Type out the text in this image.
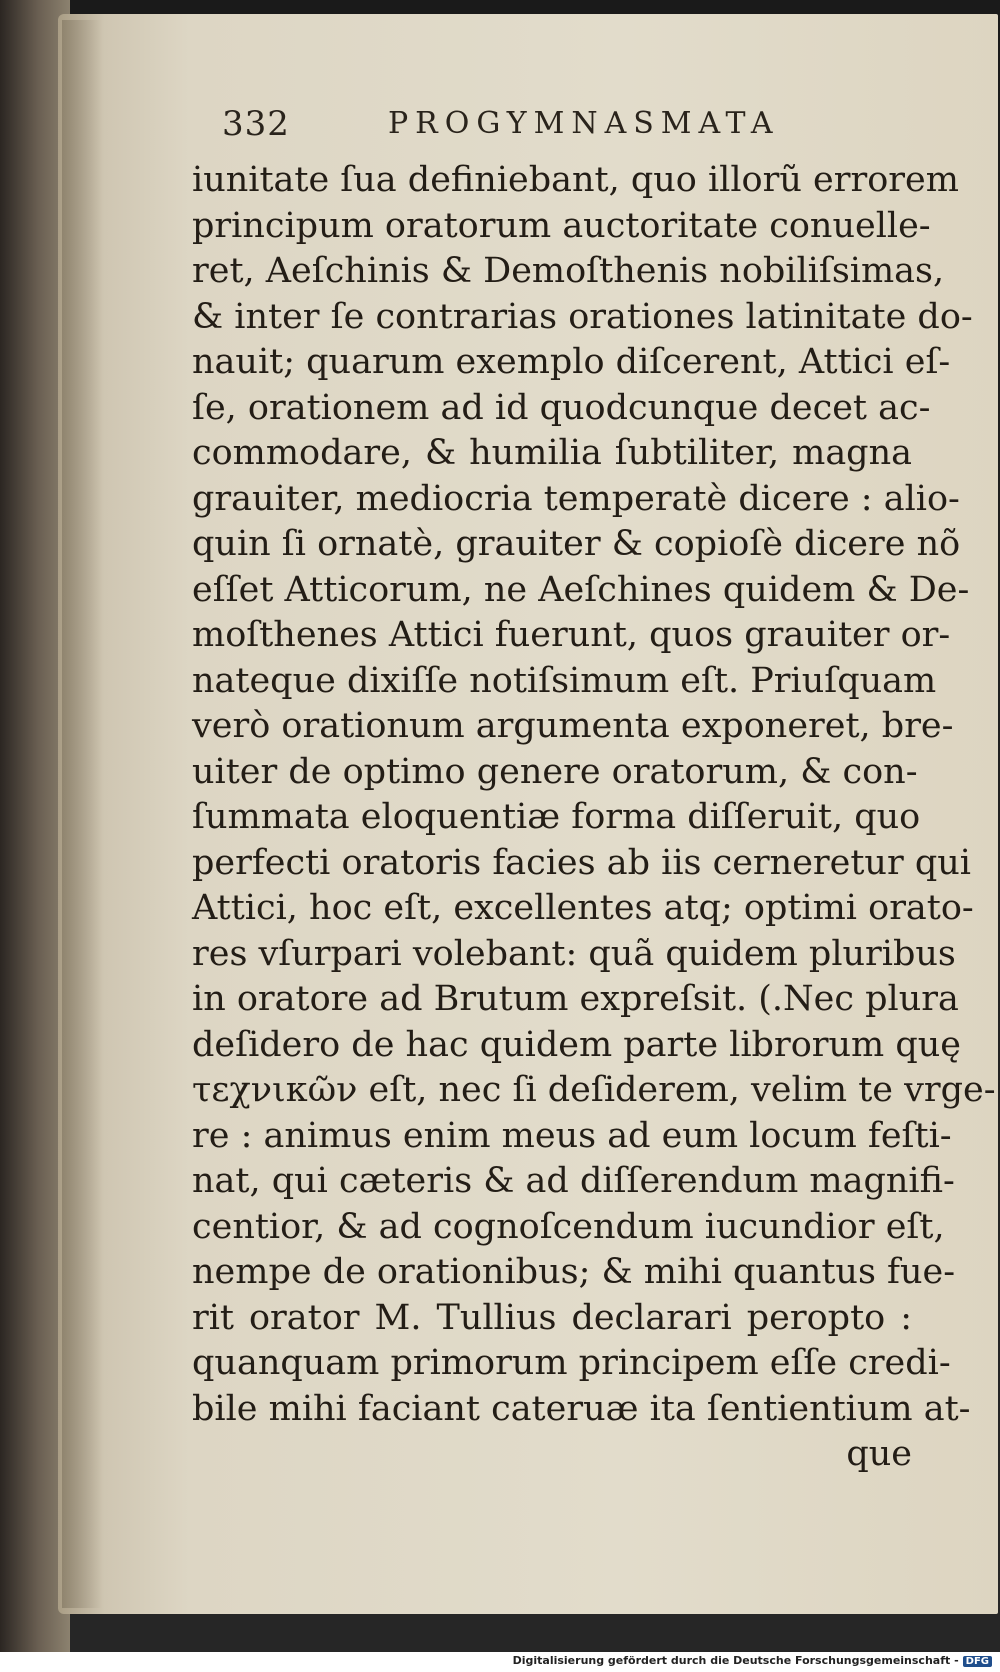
332	PROGYMNASMATA
iunitate ſua definiebant, quo illorũ errorem
principum oratorum auctoritate conuelle-
ret, Aeſchinis & Demoſthenis nobiliſsimas,
& inter ſe contrarias orationes latinitate do-
nauit; quarum exemplo diſcerent, Attici eſ-
ſe, orationem ad id quodcunque decet ac-
commodare, & humilia ſubtiliter, magna
grauiter, mediocria temperatè dicere : alio-
quin ſi ornatè, grauiter & copioſè dicere nõ
eſſet Atticorum, ne Aeſchines quidem & De-
moſthenes Attici fuerunt, quos grauiter or-
nateque dixiſſe notiſsimum eſt. Priuſquam
verò orationum argumenta exponeret, bre-
uiter de optimo genere oratorum, & con-
ſummata eloquentiæ forma diſſeruit, quo
perfecti oratoris facies ab iis cerneretur qui
Attici, hoc eſt, excellentes atq; optimi orato-
res vſurpari volebant: quã quidem pluribus
in oratore ad Brutum expreſsit. (.Nec plura
deſidero de hac quidem parte librorum quę
τεχνικῶν eſt, nec ſi deſiderem, velim te vrge-
re : animus enim meus ad eum locum feſti-
nat, qui cæteris & ad diſſerendum magnifi-
centior, & ad cognoſcendum iucundior eſt,
nempe de orationibus; & mihi quantus fue-
rit orator M. Tullius declarari peropto :
quanquam primorum principem eſſe credi-
bile mihi faciant cateruæ ita ſentientium at-
que
Digitalisierung gefördert durch die Deutsche Forschungsgemeinschaft - DFG
